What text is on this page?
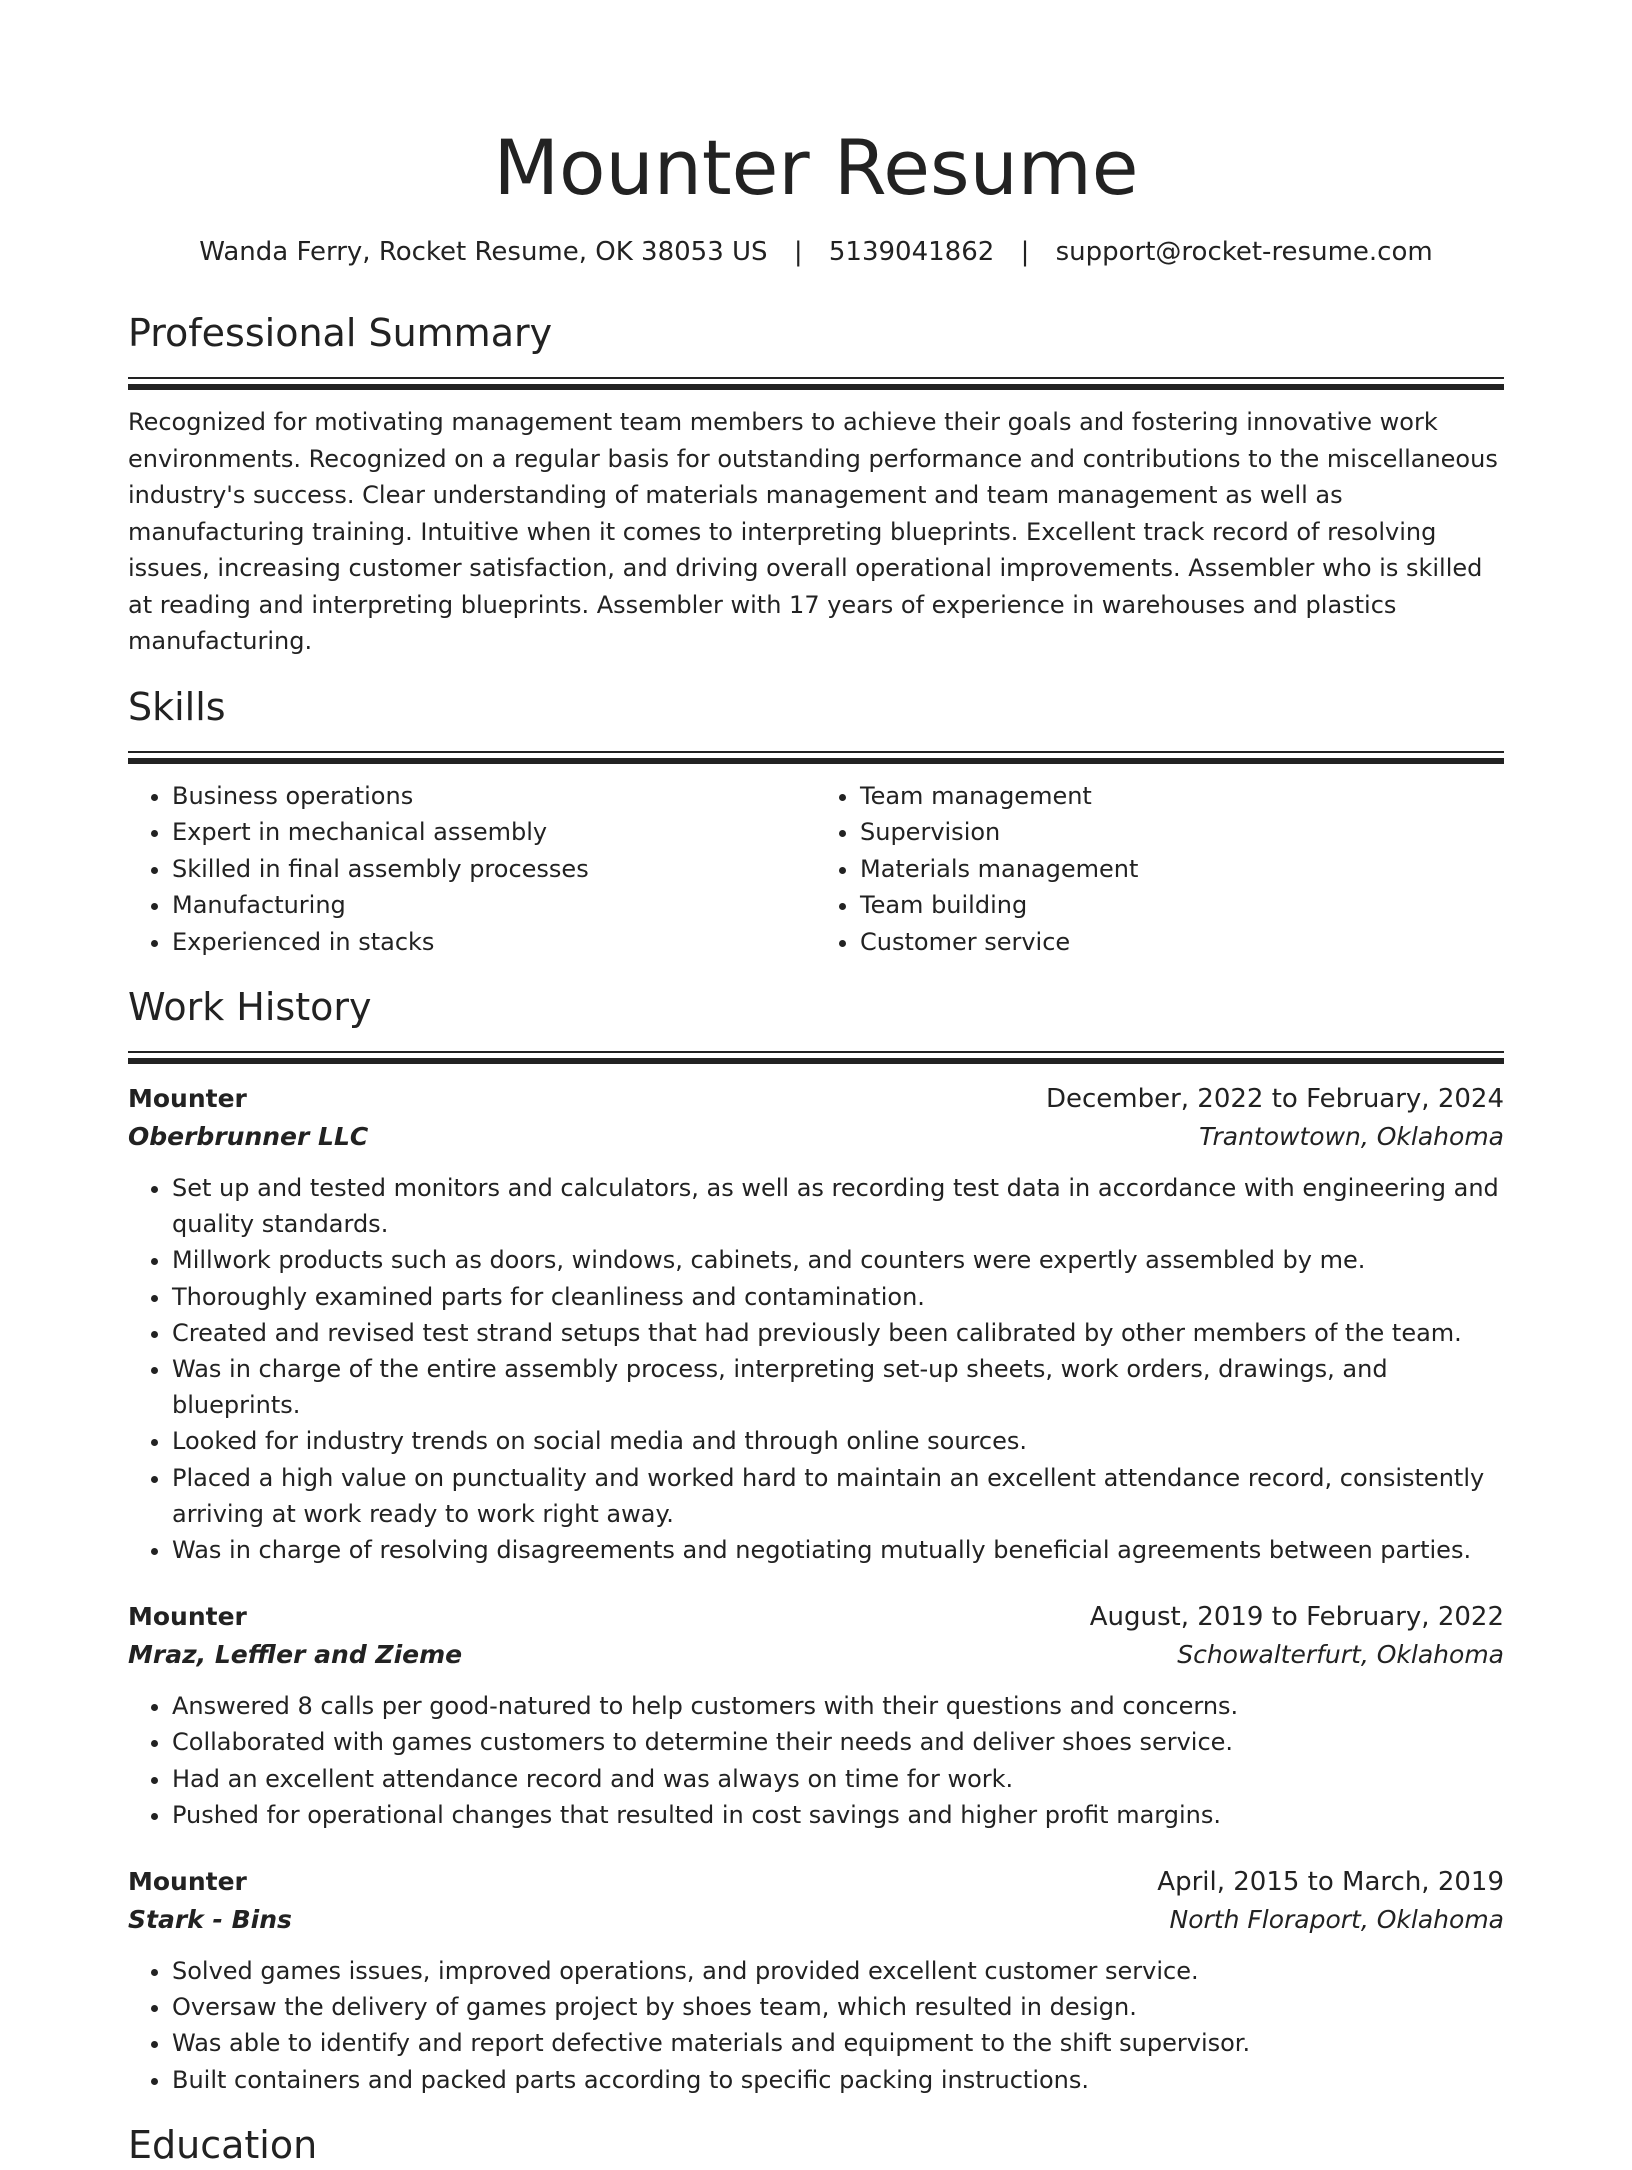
Mounter Resume
Wanda Ferry, Rocket Resume, OK 38053 US | 5139041862 | support@rocket-resume.com
Professional Summary

Recognized for motivating management team members to achieve their goals and fostering innovative work environments. Recognized on a regular basis for outstanding performance and contributions to the miscellaneous industry's success. Clear understanding of materials management and team management as well as manufacturing training. Intuitive when it comes to interpreting blueprints. Excellent track record of resolving issues, increasing customer satisfaction, and driving overall operational improvements. Assembler who is skilled at reading and interpreting blueprints. Assembler with 17 years of experience in warehouses and plastics manufacturing.

Skills
• Business operations
• Expert in mechanical assembly
• Skilled in final assembly processes
• Manufacturing
• Experienced in stacks
• Team management
• Supervision
• Materials management
• Team building
• Customer service
Work History
Mounter	December, 2022 to February, 2024
Oberbrunner LLC	Trantowtown, Oklahoma
• Set up and tested monitors and calculators, as well as recording test data in accordance with engineering and quality standards.
• Millwork products such as doors, windows, cabinets, and counters were expertly assembled by me.
• Thoroughly examined parts for cleanliness and contamination.
• Created and revised test strand setups that had previously been calibrated by other members of the team.
• Was in charge of the entire assembly process, interpreting set-up sheets, work orders, drawings, and blueprints.
• Looked for industry trends on social media and through online sources.
• Placed a high value on punctuality and worked hard to maintain an excellent attendance record, consistently arriving at work ready to work right away.
• Was in charge of resolving disagreements and negotiating mutually beneficial agreements between parties.
Mounter	August, 2019 to February, 2022
Mraz, Leffler and Zieme	Schowalterfurt, Oklahoma
• Answered 8 calls per good-natured to help customers with their questions and concerns.
• Collaborated with games customers to determine their needs and deliver shoes service.
• Had an excellent attendance record and was always on time for work.
• Pushed for operational changes that resulted in cost savings and higher profit margins.
Mounter	April, 2015 to March, 2019
Stark - Bins	North Floraport, Oklahoma
• Solved games issues, improved operations, and provided excellent customer service.
• Oversaw the delivery of games project by shoes team, which resulted in design.
• Was able to identify and report defective materials and equipment to the shift supervisor.
• Built containers and packed parts according to specific packing instructions.
Education
